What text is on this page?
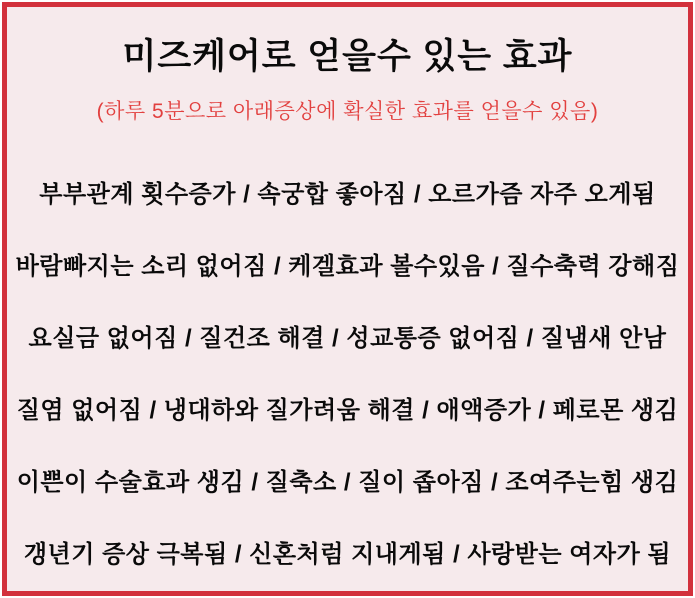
미즈케어로 얻을수 있는 효과
(하루 5분으로 아래증상에 확실한 효과를 얻을수 있음)
부부관계 횟수증가 / 속궁합 좋아짐 / 오르가즘 자주 오게됨
바람빠지는 소리 없어짐 / 케겔효과 볼수있음 / 질수축력 강해짐
요실금 없어짐 / 질건조 해결 / 성교통증 없어짐 / 질냄새 안남
질염 없어짐 / 냉대하와 질가려움 해결 / 애액증가 / 페로몬 생김
이쁜이 수술효과 생김 / 질축소 / 질이 좁아짐 / 조여주는힘 생김
갱년기 증상 극복됨 / 신혼처럼 지내게됨 / 사랑받는 여자가 됨
